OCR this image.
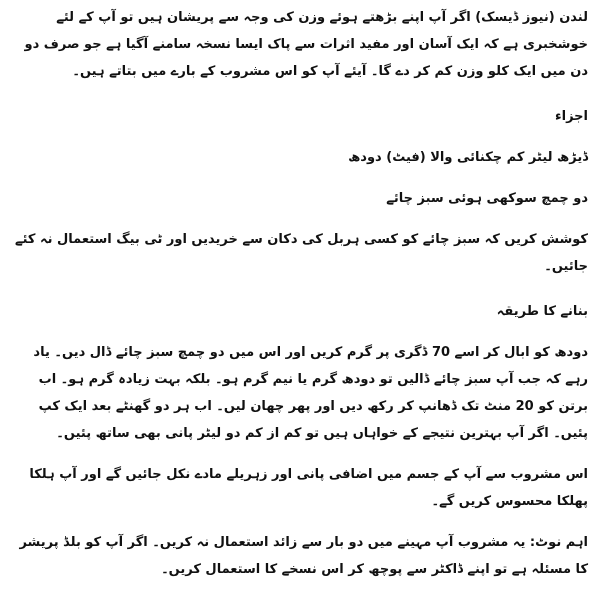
لندن (نیوز ڈیسک) اگر آپ اپنے بڑھتے ہوئے وزن کی وجہ سے پریشان ہیں تو آپ کے لئے خوشخبری ہے کہ ایک آسان اور مفید اثرات سے پاک ایسا نسخہ سامنے آگیا ہے جو صرف دو دن میں ایک کلو وزن کم کر دے گا۔ آیئے آپ کو اس مشروب کے بارے میں بتاتے ہیں۔

اجزاء

ڈیڑھ لیٹر کم چکنائی والا (فیٹ) دودھ

دو چمچ سوکھی ہوئی سبز چائے

کوشش کریں کہ سبز چائے کو کسی ہربل کی دکان سے خریدیں اور ٹی بیگ استعمال نہ کئے جائیں۔

بنانے کا طریقہ

دودھ کو ابال کر اسے 70 ڈگری پر گرم کریں اور اس میں دو چمچ سبز چائے ڈال دیں۔ یاد رہے کہ جب آپ سبز چائے ڈالیں تو دودھ گرم یا نیم گرم ہو۔ بلکہ بہت زیادہ گرم ہو۔ اب برتن کو 20 منٹ تک ڈھانپ کر رکھ دیں اور پھر چھان لیں۔ اب ہر دو گھنٹے بعد ایک کپ پئیں۔ اگر آپ بہترین نتیجے کے خواہاں ہیں تو کم از کم دو لیٹر پانی بھی ساتھ پئیں۔

اس مشروب سے آپ کے جسم میں اضافی پانی اور زہریلے مادے نکل جائیں گے اور آپ ہلکا پھلکا محسوس کریں گے۔

اہم نوٹ: یہ مشروب آپ مہینے میں دو بار سے زائد استعمال نہ کریں۔ اگر آپ کو بلڈ پریشر کا مسئلہ ہے تو اپنے ڈاکٹر سے پوچھ کر اس نسخے کا استعمال کریں۔
